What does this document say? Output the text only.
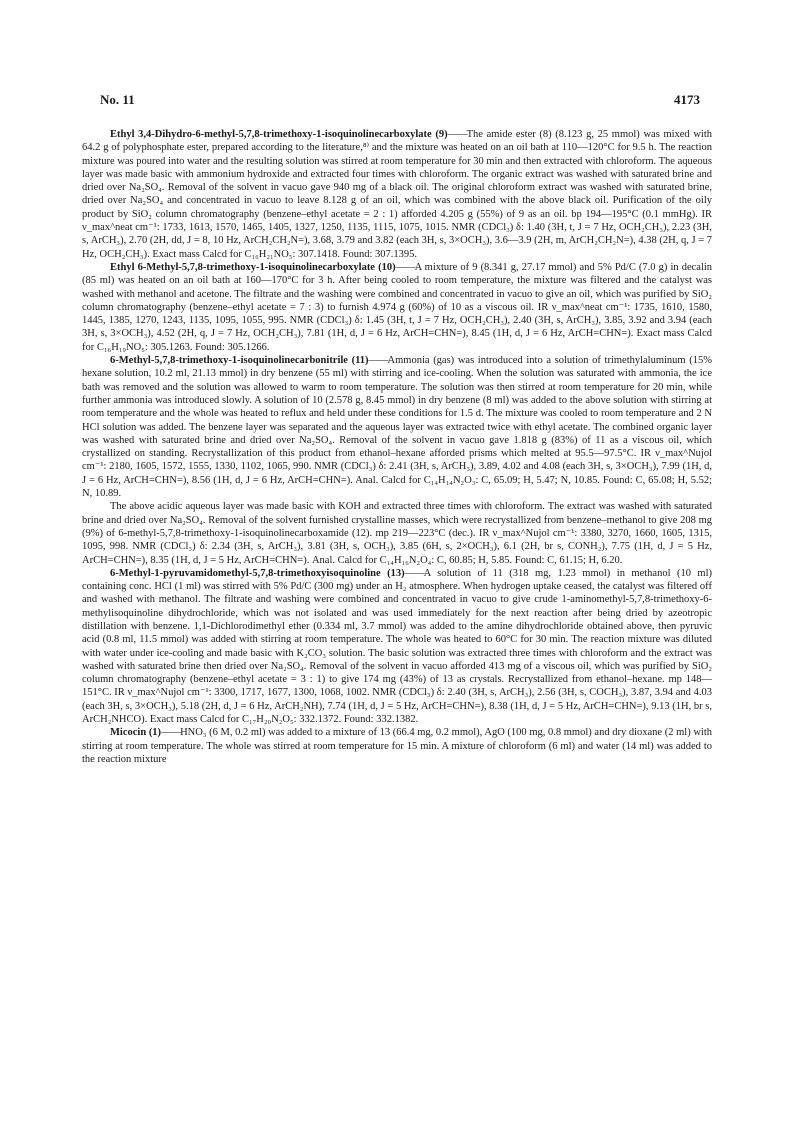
No. 11	4173

Ethyl 3,4-Dihydro-6-methyl-5,7,8-trimethoxy-1-isoquinolinecarboxylate (9)——The amide ester (8) (8.123 g, 25 mmol) was mixed with 64.2 g of polyphosphate ester, prepared according to the literature,⁸⁾ and the mixture was heated on an oil bath at 110—120°C for 9.5 h. The reaction mixture was poured into water and the resulting solution was stirred at room temperature for 30 min and then extracted with chloroform. The aqueous layer was made basic with ammonium hydroxide and extracted four times with chloroform. The organic extract was washed with saturated brine and dried over Na₂SO₄. Removal of the solvent in vacuo gave 940 mg of a black oil. The original chloroform extract was washed with saturated brine, dried over Na₂SO₄ and concentrated in vacuo to leave 8.128 g of an oil, which was combined with the above black oil. Purification of the oily product by SiO₂ column chromatography (benzene–ethyl acetate = 2 : 1) afforded 4.205 g (55%) of 9 as an oil. bp 194—195°C (0.1 mmHg). IR ν_max^neat cm⁻¹: 1733, 1613, 1570, 1465, 1405, 1327, 1250, 1135, 1115, 1075, 1015. NMR (CDCl₃) δ: 1.40 (3H, t, J = 7 Hz, OCH₂CH₃), 2.23 (3H, s, ArCH₃), 2.70 (2H, dd, J = 8, 10 Hz, ArCH₂CH₂N=), 3.68, 3.79 and 3.82 (each 3H, s, 3×OCH₃), 3.6—3.9 (2H, m, ArCH₂CH₂N=), 4.38 (2H, q, J = 7 Hz, OCH₂CH₃). Exact mass Calcd for C₁₆H₂₁NO₅: 307.1418. Found: 307.1395.

Ethyl 6-Methyl-5,7,8-trimethoxy-1-isoquinolinecarboxylate (10)——A mixture of 9 (8.341 g, 27.17 mmol) and 5% Pd/C (7.0 g) in decalin (85 ml) was heated on an oil bath at 160—170°C for 3 h. After being cooled to room temperature, the mixture was filtered and the catalyst was washed with methanol and acetone. The filtrate and the washing were combined and concentrated in vacuo to give an oil, which was purified by SiO₂ column chromatography (benzene–ethyl acetate = 7 : 3) to furnish 4.974 g (60%) of 10 as a viscous oil. IR ν_max^neat cm⁻¹: 1735, 1610, 1580, 1445, 1385, 1270, 1243, 1135, 1095, 1055, 995. NMR (CDCl₃) δ: 1.45 (3H, t, J = 7 Hz, OCH₂CH₃), 2.40 (3H, s, ArCH₃), 3.85, 3.92 and 3.94 (each 3H, s, 3×OCH₃), 4.52 (2H, q, J = 7 Hz, OCH₂CH₃), 7.81 (1H, d, J = 6 Hz, ArCH=CHN=), 8.45 (1H, d, J = 6 Hz, ArCH=CHN=). Exact mass Calcd for C₁₆H₁₉NO₅: 305.1263. Found: 305.1266.

6-Methyl-5,7,8-trimethoxy-1-isoquinolinecarbonitrile (11)——Ammonia (gas) was introduced into a solution of trimethylaluminum (15% hexane solution, 10.2 ml, 21.13 mmol) in dry benzene (55 ml) with stirring and ice-cooling. When the solution was saturated with ammonia, the ice bath was removed and the solution was allowed to warm to room temperature. The solution was then stirred at room temperature for 20 min, while further ammonia was introduced slowly. A solution of 10 (2.578 g, 8.45 mmol) in dry benzene (8 ml) was added to the above solution with stirring at room temperature and the whole was heated to reflux and held under these conditions for 1.5 d. The mixture was cooled to room temperature and 2 N HCl solution was added. The benzene layer was separated and the aqueous layer was extracted twice with ethyl acetate. The combined organic layer was washed with saturated brine and dried over Na₂SO₄. Removal of the solvent in vacuo gave 1.818 g (83%) of 11 as a viscous oil, which crystallized on standing. Recrystallization of this product from ethanol–hexane afforded prisms which melted at 95.5—97.5°C. IR ν_max^Nujol cm⁻¹: 2180, 1605, 1572, 1555, 1330, 1102, 1065, 990. NMR (CDCl₃) δ: 2.41 (3H, s, ArCH₃), 3.89, 4.02 and 4.08 (each 3H, s, 3×OCH₃), 7.99 (1H, d, J = 6 Hz, ArCH=CHN=), 8.56 (1H, d, J = 6 Hz, ArCH=CHN=). Anal. Calcd for C₁₄H₁₄N₂O₃: C, 65.09; H, 5.47; N, 10.85. Found: C, 65.08; H, 5.52; N, 10.89.

The above acidic aqueous layer was made basic with KOH and extracted three times with chloroform. The extract was washed with saturated brine and dried over Na₂SO₄. Removal of the solvent furnished crystalline masses, which were recrystallized from benzene–methanol to give 208 mg (9%) of 6-methyl-5,7,8-trimethoxy-1-isoquinolinecarboxamide (12). mp 219—223°C (dec.). IR ν_max^Nujol cm⁻¹: 3380, 3270, 1660, 1605, 1315, 1095, 998. NMR (CDCl₃) δ: 2.34 (3H, s, ArCH₃), 3.81 (3H, s, OCH₃), 3.85 (6H, s, 2×OCH₃), 6.1 (2H, br s, CONH₂), 7.75 (1H, d, J = 5 Hz, ArCH=CHN=), 8.35 (1H, d, J = 5 Hz, ArCH=CHN=). Anal. Calcd for C₁₄H₁₆N₂O₄: C, 60.85; H, 5.85. Found: C, 61.15; H, 6.20.

6-Methyl-1-pyruvamidomethyl-5,7,8-trimethoxyisoquinoline (13)——A solution of 11 (318 mg, 1.23 mmol) in methanol (10 ml) containing conc. HCl (1 ml) was stirred with 5% Pd/C (300 mg) under an H₂ atmosphere. When hydrogen uptake ceased, the catalyst was filtered off and washed with methanol. The filtrate and washing were combined and concentrated in vacuo to give crude 1-aminomethyl-5,7,8-trimethoxy-6-methylisoquinoline dihydrochloride, which was not isolated and was used immediately for the next reaction after being dried by azeotropic distillation with benzene. 1,1-Dichlorodimethyl ether (0.334 ml, 3.7 mmol) was added to the amine dihydrochloride obtained above, then pyruvic acid (0.8 ml, 11.5 mmol) was added with stirring at room temperature. The whole was heated to 60°C for 30 min. The reaction mixture was diluted with water under ice-cooling and made basic with K₂CO₃ solution. The basic solution was extracted three times with chloroform and the extract was washed with saturated brine then dried over Na₂SO₄. Removal of the solvent in vacuo afforded 413 mg of a viscous oil, which was purified by SiO₂ column chromatography (benzene–ethyl acetate = 3 : 1) to give 174 mg (43%) of 13 as crystals. Recrystallized from ethanol–hexane. mp 148—151°C. IR ν_max^Nujol cm⁻¹: 3300, 1717, 1677, 1300, 1068, 1002. NMR (CDCl₃) δ: 2.40 (3H, s, ArCH₃), 2.56 (3H, s, COCH₃), 3.87, 3.94 and 4.03 (each 3H, s, 3×OCH₃), 5.18 (2H, d, J = 6 Hz, ArCH₂NH), 7.74 (1H, d, J = 5 Hz, ArCH=CHN=), 8.38 (1H, d, J = 5 Hz, ArCH=CHN=), 9.13 (1H, br s, ArCH₂NHCO). Exact mass Calcd for C₁₇H₂₀N₂O₅: 332.1372. Found: 332.1382.

Micocin (1)——HNO₃ (6 M, 0.2 ml) was added to a mixture of 13 (66.4 mg, 0.2 mmol), AgO (100 mg, 0.8 mmol) and dry dioxane (2 ml) with stirring at room temperature. The whole was stirred at room temperature for 15 min. A mixture of chloroform (6 ml) and water (14 ml) was added to the reaction mixture
